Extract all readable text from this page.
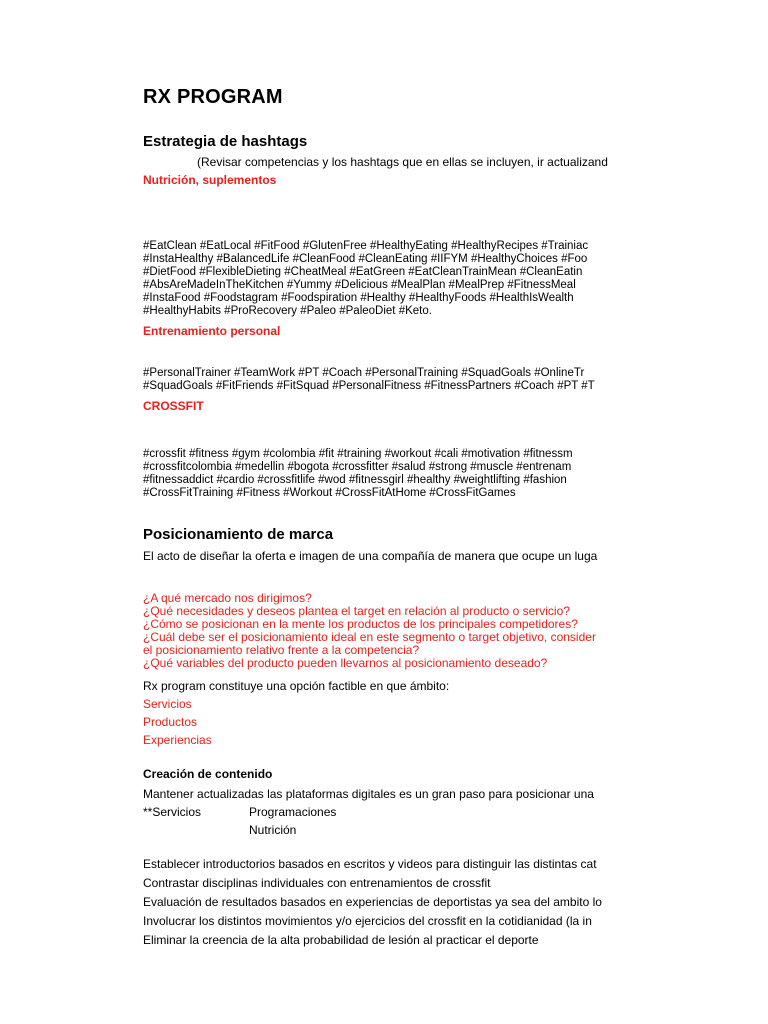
RX PROGRAM
Estrategia de hashtags
(Revisar competencias y los hashtags que en ellas se incluyen, ir actualizand
Nutrición, suplementos
#EatClean #EatLocal #FitFood #GlutenFree #HealthyEating #HealthyRecipes #Trainiac
#InstaHealthy #BalancedLife #CleanFood #CleanEating #IIFYM #HealthyChoices #Foo
#DietFood #FlexibleDieting #CheatMeal #EatGreen #EatCleanTrainMean #CleanEatin
#AbsAreMadeInTheKitchen #Yummy #Delicious #MealPlan #MealPrep #FitnessMeal
#InstaFood #Foodstagram #Foodspiration #Healthy #HealthyFoods #HealthIsWealth
#HealthyHabits #ProRecovery #Paleo #PaleoDiet #Keto.
Entrenamiento personal
#PersonalTrainer #TeamWork #PT #Coach #PersonalTraining #SquadGoals #OnlineTr
#SquadGoals #FitFriends #FitSquad #PersonalFitness #FitnessPartners #Coach #PT #T
CROSSFIT
#crossfit #fitness #gym #colombia #fit #training #workout #cali #motivation #fitnessm
#crossfitcolombia #medellin #bogota #crossfitter #salud #strong #muscle #entrenam
#fitnessaddict #cardio #crossfitlife #wod #fitnessgirl #healthy #weightlifting #fashion
#CrossFitTraining #Fitness #Workout #CrossFitAtHome #CrossFitGames
Posicionamiento de marca
El acto de diseñar la oferta e imagen de una compañía de manera que ocupe un luga
¿A qué mercado nos dirigimos?
¿Qué necesidades y deseos plantea el target en relación al producto o servicio?
¿Cómo se posicionan en la mente los productos de los principales competidores?
¿Cuál debe ser el posicionamiento ideal en este segmento o target objetivo, consider
el posicionamiento relativo frente a la competencia?
¿Qué variables del producto pueden llevarnos al posicionamiento deseado?
Rx program constituye una opción factible en que ámbito:
Servicios
Productos
Experiencias
Creación de contenido
Mantener actualizadas las plataformas digitales es un gran paso para posicionar una
**Servicios	Programaciones
Nutrición
Establecer introductorios basados en escritos y videos para distinguir las distintas cat
Contrastar disciplinas individuales con entrenamientos de crossfit
Evaluación de resultados basados en experiencias de deportistas ya sea del ambito lo
Involucrar los distintos movimientos y/o ejercicios del crossfit en la cotidianidad (la in
Eliminar la creencia de la alta probabilidad de lesión al practicar el deporte
